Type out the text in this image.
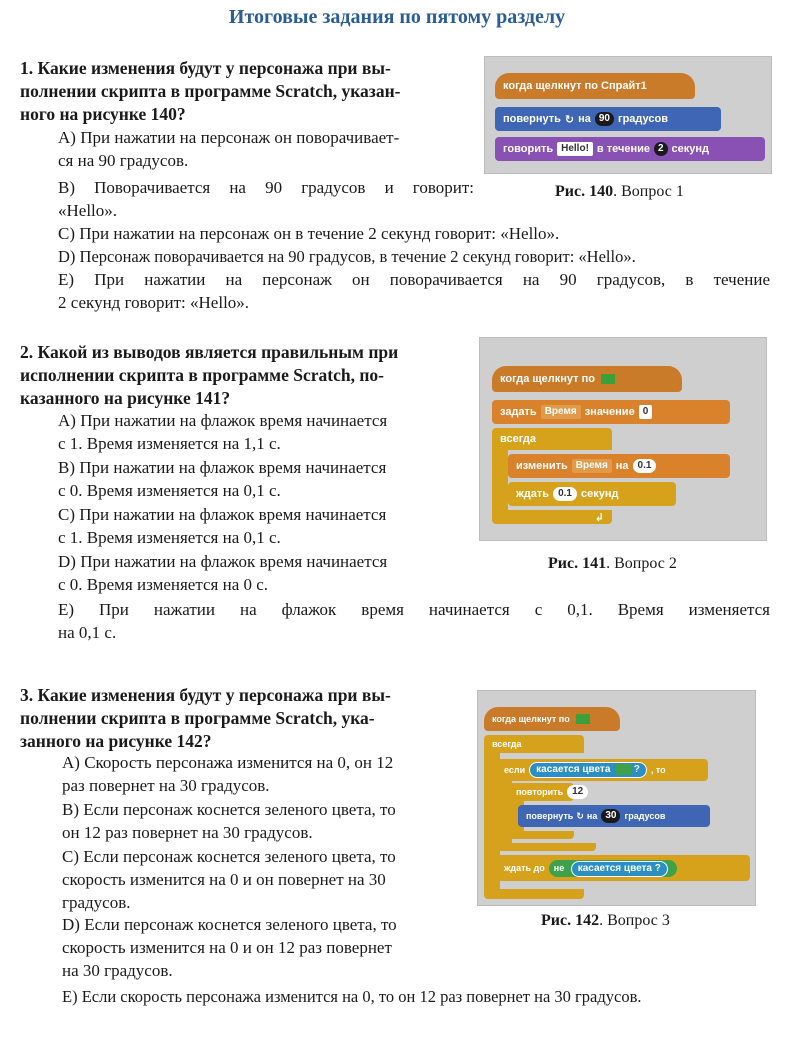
Итоговые задания по пятому разделу
1. Какие изменения будут у персонажа при вы-
полнении скрипта в программе Scratch, указан-
ного на рисунке 140?
A) При нажатии на персонаж он поворачивает-
ся на 90 градусов.
B) Поворачивается на 90 градусов и говорит:
«Hello».
C) При нажатии на персонаж он в течение 2 секунд говорит: «Hello».
D) Персонаж поворачивается на 90 градусов, в течение 2 секунд говорит: «Hello».
E) При нажатии на персонаж он поворачивается на 90 градусов, в течение
2 секунд говорит: «Hello».
когда щелкнут по Спрайт1
повернуть ↻ на 90 градусов
говорить Hello! в течение 2 секунд
Рис. 140. Вопрос 1
2. Какой из выводов является правильным при
исполнении скрипта в программе Scratch, по-
казанного на рисунке 141?
A) При нажатии на флажок время начинается
с 1. Время изменяется на 1,1 с.
B) При нажатии на флажок время начинается
с 0. Время изменяется на 0,1 с.
C) При нажатии на флажок время начинается
с 1. Время изменяется на 0,1 с.
D) При нажатии на флажок время начинается
с 0. Время изменяется на 0 с.
E) При нажатии на флажок время начинается с 0,1. Время изменяется
на 0,1 с.
когда щелкнут по
задать Время значение 0
всегда
изменить Время на 0.1
ждать 0.1 секунд
↲
Рис. 141. Вопрос 2
3. Какие изменения будут у персонажа при вы-
полнении скрипта в программе Scratch, ука-
занного на рисунке 142?
A) Скорость персонажа изменится на 0, он 12
раз повернет на 30 градусов.
B) Если персонаж коснется зеленого цвета, то
он 12 раз повернет на 30 градусов.
C) Если персонаж коснется зеленого цвета, то
скорость изменится на 0 и он повернет на 30
градусов.
D) Если персонаж коснется зеленого цвета, то
скорость изменится на 0 и он 12 раз повернет
на 30 градусов.
E) Если скорость персонажа изменится на 0, то он 12 раз повернет на 30 градусов.
когда щелкнут по
всегда
если	касается цвета ?	, то
повторить 12
повернуть ↻ на 30 градусов
ждать до	не касается цвета ?
Рис. 142. Вопрос 3
